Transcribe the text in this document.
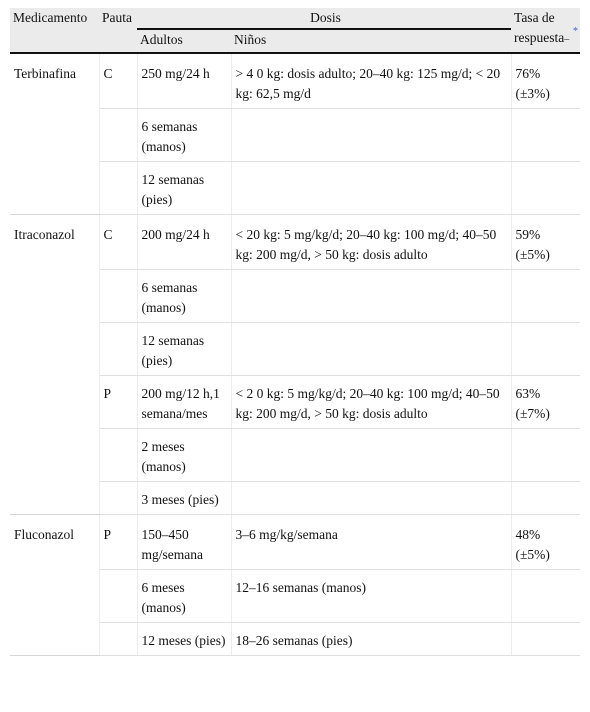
Medicamento	Pauta	Dosis		Tasa de
respuesta–
*

		Adultos	Niños	
Terbinafina	C	250 mg/24 h	> 4 0 kg: dosis adulto; 20–40 kg: 125 mg/d; < 20 kg: 62,5 mg/d	76% (±3%)
		6 semanas (manos)		
		12 semanas (pies)		
Itraconazol	C	200 mg/24 h	< 20 kg: 5 mg/kg/d; 20–40 kg: 100 mg/d; 40–50 kg: 200 mg/d, > 50 kg: dosis adulto	59% (±5%)
		6 semanas (manos)		
		12 semanas (pies)		
	P	200 mg/12 h,1 semana/mes	< 2 0 kg: 5 mg/kg/d; 20–40 kg: 100 mg/d; 40–50 kg: 200 mg/d, > 50 kg: dosis adulto	63% (±7%)
		2 meses (manos)		
		3 meses (pies)		
Fluconazol	P	150–450 mg/semana	3–6 mg/kg/semana	48% (±5%)
		6 meses (manos)	12–16 semanas (manos)	
		12 meses (pies)	18–26 semanas (pies)	
